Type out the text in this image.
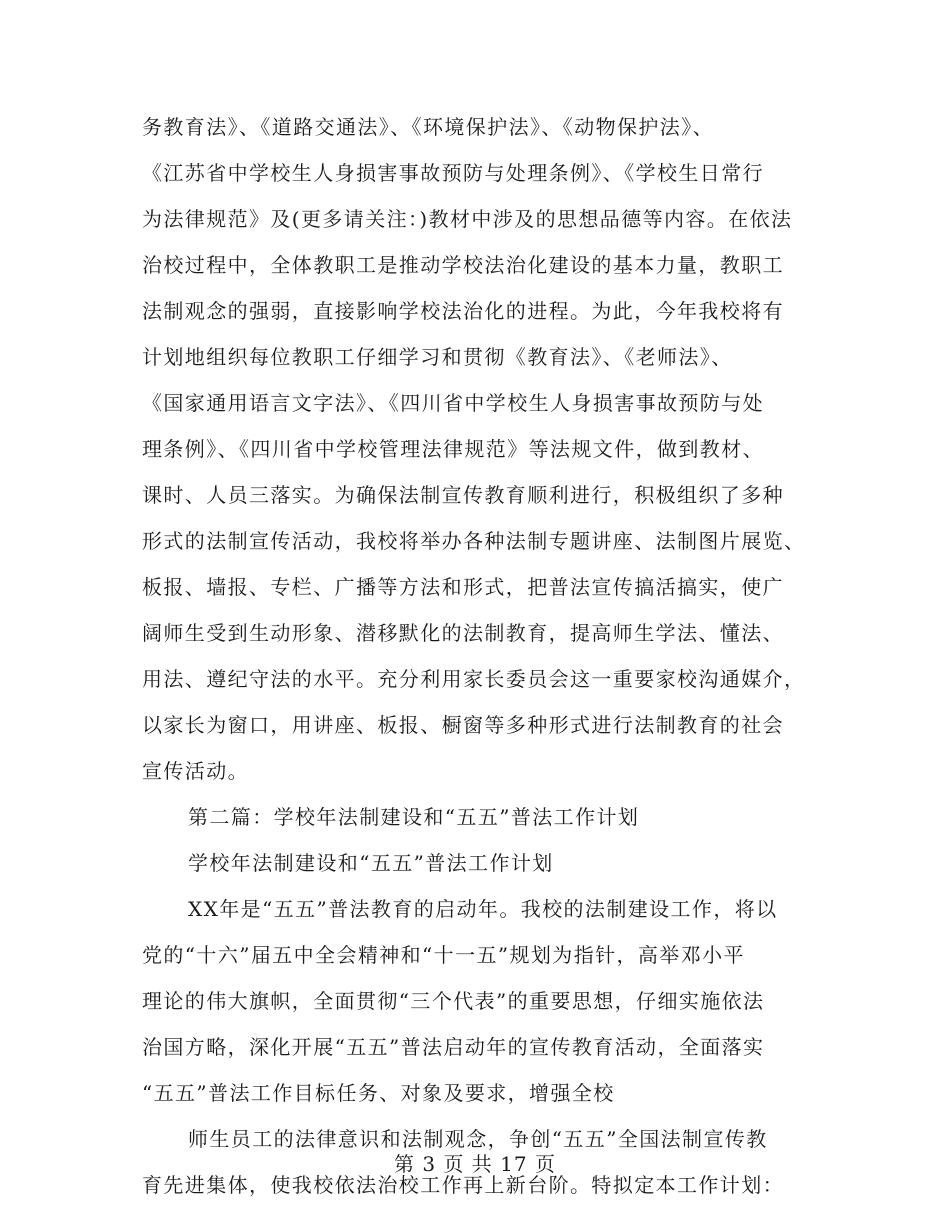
务教育法》、《道路交通法》、《环境保护法》、《动物保护法》、
《江苏省中学校生人身损害事故预防与处理条例》、《学校生日常行
为法律规范》及(更多请关注：)教材中涉及的思想品德等内容。在依法
治校过程中，全体教职工是推动学校法治化建设的基本力量，教职工
法制观念的强弱，直接影响学校法治化的进程。为此，今年我校将有
计划地组织每位教职工仔细学习和贯彻《教育法》、《老师法》、
《国家通用语言文字法》、《四川省中学校生人身损害事故预防与处
理条例》、《四川省中学校管理法律规范》等法规文件，做到教材、
课时、人员三落实。为确保法制宣传教育顺利进行，积极组织了多种
形式的法制宣传活动，我校将举办各种法制专题讲座、法制图片展览、
板报、墙报、专栏、广播等方法和形式，把普法宣传搞活搞实，使广
阔师生受到生动形象、潜移默化的法制教育，提高师生学法、懂法、
用法、遵纪守法的水平。充分利用家长委员会这一重要家校沟通媒介，
以家长为窗口，用讲座、板报、橱窗等多种形式进行法制教育的社会
宣传活动。
第二篇：学校年法制建设和“五五”普法工作计划
学校年法制建设和“五五”普法工作计划
XX年是“五五”普法教育的启动年。我校的法制建设工作，将以
党的“十六”届五中全会精神和“十一五”规划为指针，高举邓小平
理论的伟大旗帜，全面贯彻“三个代表”的重要思想，仔细实施依法
治国方略，深化开展“五五”普法启动年的宣传教育活动，全面落实
“五五”普法工作目标任务、对象及要求，增强全校
师生员工的法律意识和法制观念，争创“五五”全国法制宣传教
育先进集体，使我校依法治校工作再上新台阶。特拟定本工作计划：
第 3 页 共 17 页
